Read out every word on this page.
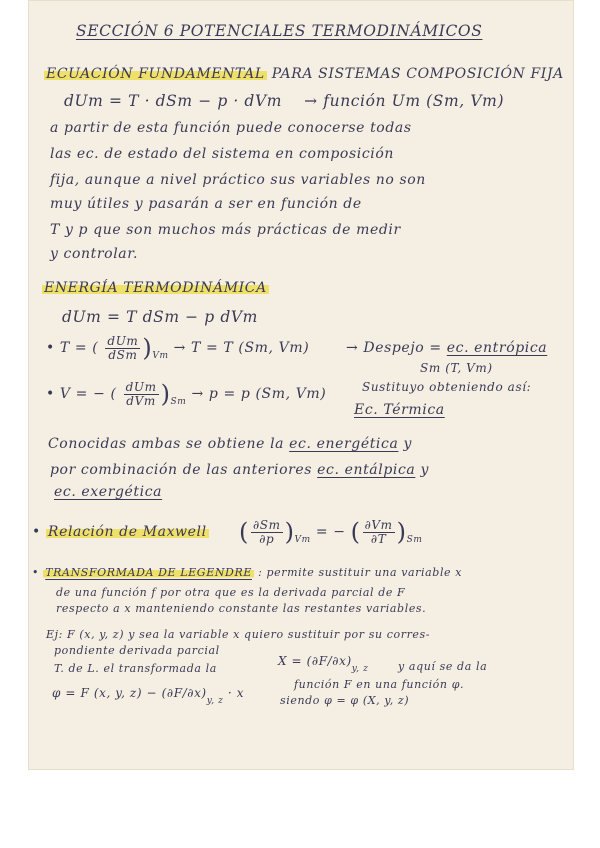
SECCIÓN 6 POTENCIALES TERMODINÁMICOS
ECUACIÓN FUNDAMENTAL PARA SISTEMAS COMPOSICIÓN FIJA
dUm = T · dSm − p · dVm → función Um (Sm, Vm)
a partir de esta función puede conocerse todas
las ec. de estado del sistema en composición
fija, aunque a nivel práctico sus variables no son
muy útiles y pasarán a ser en función de
T y p que son muchos más prácticas de medir
y controlar.
ENERGÍA TERMODINÁMICA
dUm = T dSm − p dVm
• T = ( $\frac{\text{dUm}}{\text{dSm}} )_{Vm} \to T = T$ (Sm, Vm)	→ Despejo = ec. entrópica
Sm (T, Vm)
• V = − ( $\frac{\text{dUm}}{\text{dVm}} )_{Sm} \to p = p$ (Sm, Vm)	Sustituyo obteniendo así:
Ec. Térmica
Conocidas ambas se obtiene la ec. energética y
por combinación de las anteriores ec. entálpica y
ec. exergética
• Relación de Maxwell ( $\frac{\partial Sm}{\partial p} )_{Vm}$ = − ( $\frac{\partial Vm}{\partial T} )_{Sm}$
• TRANSFORMADA DE LEGENDRE : permite sustituir una variable x
de una función f por otra que es la derivada parcial de F
respecto a x manteniendo constante las restantes variables.
Ej: F (x, y, z) y sea la variable x quiero sustituir por su corres-
pondiente derivada parcial
T. de L. el transformada la
$X = (\partial F/\partial x)_{y, z}$	y aquí se da la
función F en una función φ.
φ = F (x, y, $z) - (\partial F/\partial x)_{y, z} \cdot x$
siendo φ = φ (X, y, z)
